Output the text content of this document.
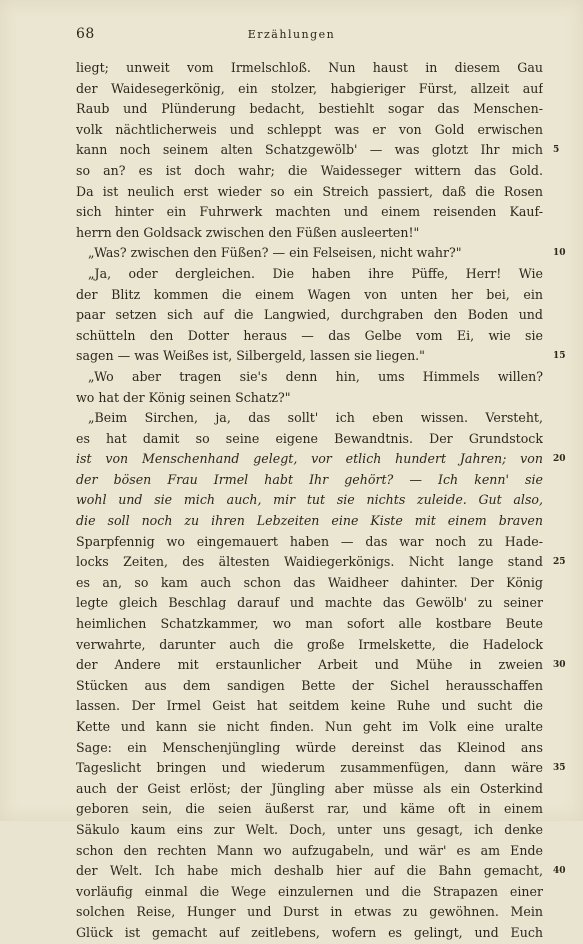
68	Erzählungen
liegt; unweit vom Irmelschloß. Nun haust in diesem Gau
der Waidesegerkönig, ein stolzer, habgieriger Fürst, allzeit auf
Raub und Plünderung bedacht, bestiehlt sogar das Menschen-
volk nächtlicherweis und schleppt was er von Gold erwischen
kann noch seinem alten Schatzgewölb' — was glotzt Ihr mich
so an? es ist doch wahr; die Waidesseger wittern das Gold.
Da ist neulich erst wieder so ein Streich passiert, daß die Rosen
sich hinter ein Fuhrwerk machten und einem reisenden Kauf-
herrn den Goldsack zwischen den Füßen ausleerten!"
„Was? zwischen den Füßen? — ein Felseisen, nicht wahr?"
„Ja, oder dergleichen. Die haben ihre Püffe, Herr! Wie
der Blitz kommen die einem Wagen von unten her bei, ein
paar setzen sich auf die Langwied, durchgraben den Boden und
schütteln den Dotter heraus — das Gelbe vom Ei, wie sie
sagen — was Weißes ist, Silbergeld, lassen sie liegen."
„Wo aber tragen sie's denn hin, ums Himmels willen?
wo hat der König seinen Schatz?"
„Beim Sirchen, ja, das sollt' ich eben wissen. Versteht,
es hat damit so seine eigene Bewandtnis. Der Grundstock
ist von Menschenhand gelegt, vor etlich hundert Jahren; von
der bösen Frau Irmel habt Ihr gehört? — Ich kenn' sie
wohl und sie mich auch, mir tut sie nichts zuleide. Gut also,
die soll noch zu ihren Lebzeiten eine Kiste mit einem braven
Sparpfennig wo eingemauert haben — das war noch zu Hade-
locks Zeiten, des ältesten Waidiegerkönigs. Nicht lange stand
es an, so kam auch schon das Waidheer dahinter. Der König
legte gleich Beschlag darauf und machte das Gewölb' zu seiner
heimlichen Schatzkammer, wo man sofort alle kostbare Beute
verwahrte, darunter auch die große Irmelskette, die Hadelock
der Andere mit erstaunlicher Arbeit und Mühe in zweien
Stücken aus dem sandigen Bette der Sichel herausschaffen
lassen. Der Irmel Geist hat seitdem keine Ruhe und sucht die
Kette und kann sie nicht finden. Nun geht im Volk eine uralte
Sage: ein Menschenjüngling würde dereinst das Kleinod ans
Tageslicht bringen und wiederum zusammenfügen, dann wäre
auch der Geist erlöst; der Jüngling aber müsse als ein Osterkind
geboren sein, die seien äußerst rar, und käme oft in einem
Säkulo kaum eins zur Welt. Doch, unter uns gesagt, ich denke
schon den rechten Mann wo aufzugabeln, und wär' es am Ende
der Welt. Ich habe mich deshalb hier auf die Bahn gemacht,
vorläufig einmal die Wege einzulernen und die Strapazen einer
solchen Reise, Hunger und Durst in etwas zu gewöhnen. Mein
Glück ist gemacht auf zeitlebens, wofern es gelingt, und Euch
5
10
15
20
25
30
35
40
